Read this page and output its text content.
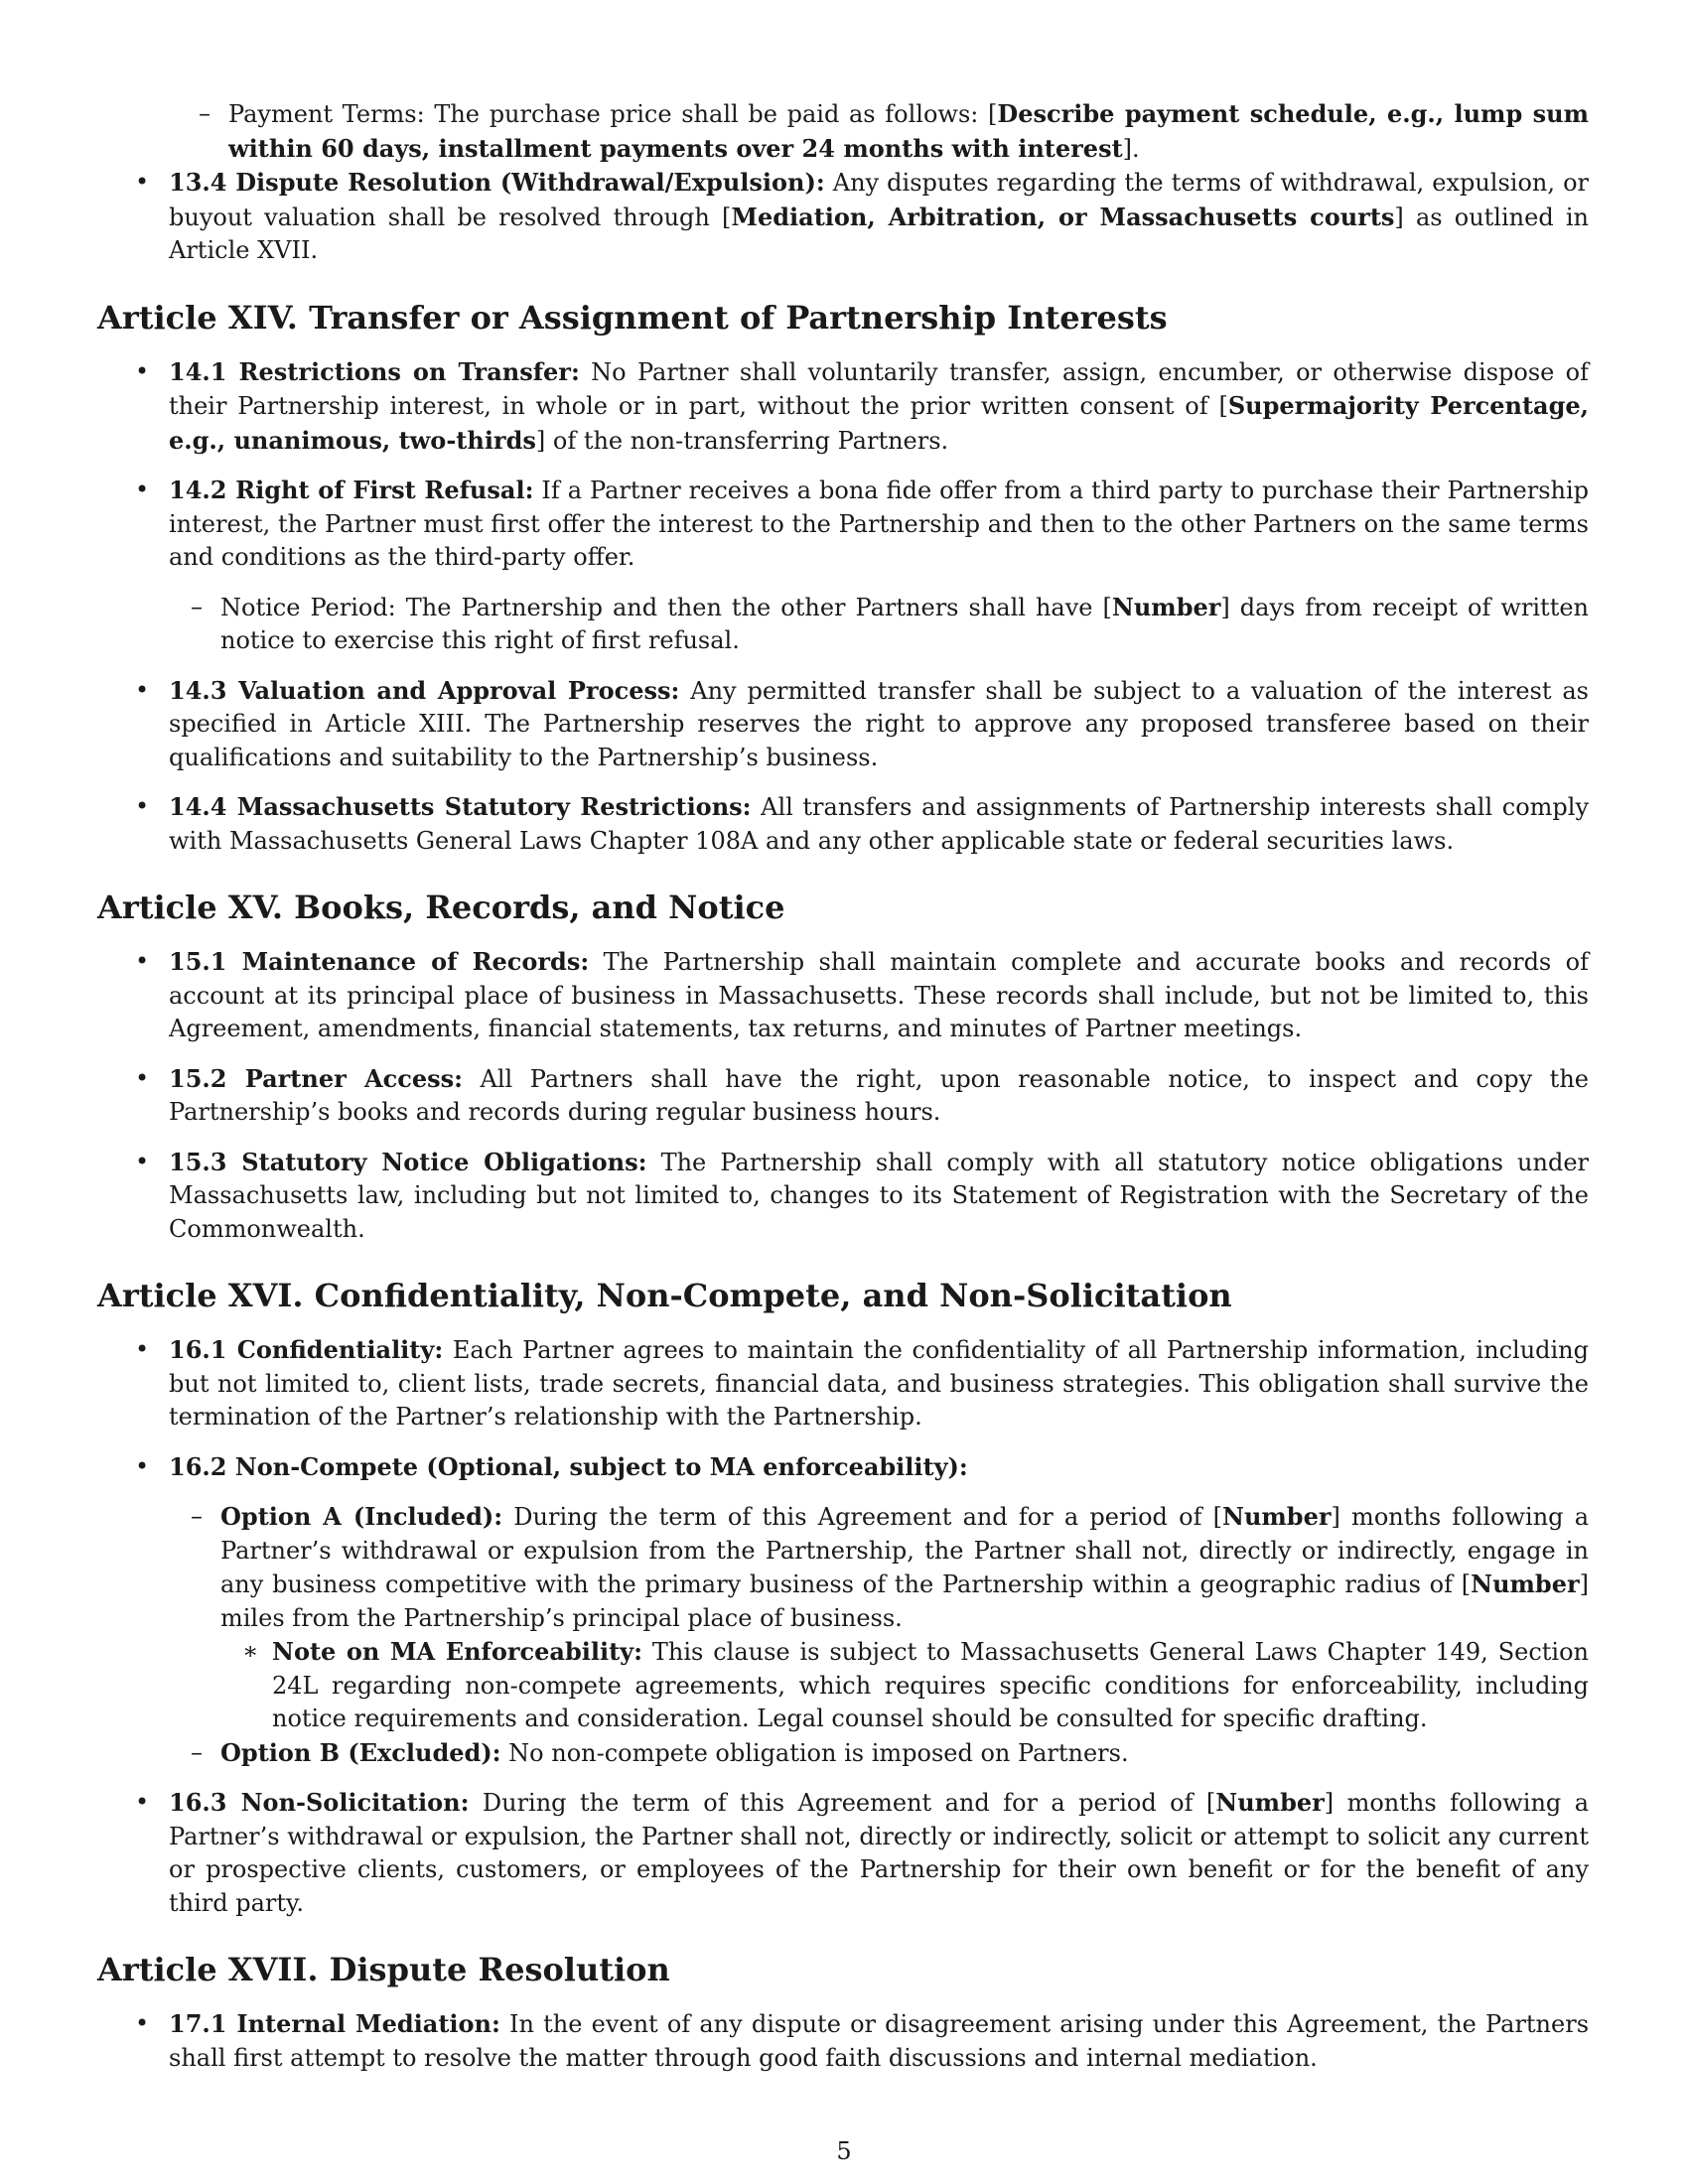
– Payment Terms: The purchase price shall be paid as follows: [Describe payment schedule, e.g., lump sum within 60 days, installment payments over 24 months with interest].
• 13.4 Dispute Resolution (Withdrawal/Expulsion): Any disputes regarding the terms of withdrawal, expulsion, or buyout valuation shall be resolved through [Mediation, Arbitration, or Massachusetts courts] as outlined in Article XVII.
Article XIV. Transfer or Assignment of Partnership Interests
• 14.1 Restrictions on Transfer: No Partner shall voluntarily transfer, assign, encumber, or otherwise dispose of their Partnership interest, in whole or in part, without the prior written consent of [Supermajority Percentage, e.g., unanimous, two-thirds] of the non-transferring Partners.
• 14.2 Right of First Refusal: If a Partner receives a bona fide offer from a third party to purchase their Partnership interest, the Partner must first offer the interest to the Partnership and then to the other Partners on the same terms and conditions as the third-party offer.
– Notice Period: The Partnership and then the other Partners shall have [Number] days from receipt of written notice to exercise this right of first refusal.
• 14.3 Valuation and Approval Process: Any permitted transfer shall be subject to a valuation of the interest as specified in Article XIII. The Partnership reserves the right to approve any proposed transferee based on their qualifications and suitability to the Partnership’s business.
• 14.4 Massachusetts Statutory Restrictions: All transfers and assignments of Partnership interests shall comply with Massachusetts General Laws Chapter 108A and any other applicable state or federal securities laws.
Article XV. Books, Records, and Notice
• 15.1 Maintenance of Records: The Partnership shall maintain complete and accurate books and records of account at its principal place of business in Massachusetts. These records shall include, but not be limited to, this Agreement, amendments, financial statements, tax returns, and minutes of Partner meetings.
• 15.2 Partner Access: All Partners shall have the right, upon reasonable notice, to inspect and copy the Partnership’s books and records during regular business hours.
• 15.3 Statutory Notice Obligations: The Partnership shall comply with all statutory notice obligations under Massachusetts law, including but not limited to, changes to its Statement of Registration with the Secretary of the Commonwealth.
Article XVI. Confidentiality, Non-Compete, and Non-Solicitation
• 16.1 Confidentiality: Each Partner agrees to maintain the confidentiality of all Partnership information, including but not limited to, client lists, trade secrets, financial data, and business strategies. This obligation shall survive the termination of the Partner’s relationship with the Partnership.
• 16.2 Non-Compete (Optional, subject to MA enforceability):
– Option A (Included): During the term of this Agreement and for a period of [Number] months following a Partner’s withdrawal or expulsion from the Partnership, the Partner shall not, directly or indirectly, engage in any business competitive with the primary business of the Partnership within a geographic radius of [Number] miles from the Partnership’s principal place of business.
∗ Note on MA Enforceability: This clause is subject to Massachusetts General Laws Chapter 149, Section 24L regarding non-compete agreements, which requires specific conditions for enforceability, including notice requirements and consideration. Legal counsel should be consulted for specific drafting.
– Option B (Excluded): No non-compete obligation is imposed on Partners.
• 16.3 Non-Solicitation: During the term of this Agreement and for a period of [Number] months following a Partner’s withdrawal or expulsion, the Partner shall not, directly or indirectly, solicit or attempt to solicit any current or prospective clients, customers, or employees of the Partnership for their own benefit or for the benefit of any third party.
Article XVII. Dispute Resolution
• 17.1 Internal Mediation: In the event of any dispute or disagreement arising under this Agreement, the Partners shall first attempt to resolve the matter through good faith discussions and internal mediation.
5
